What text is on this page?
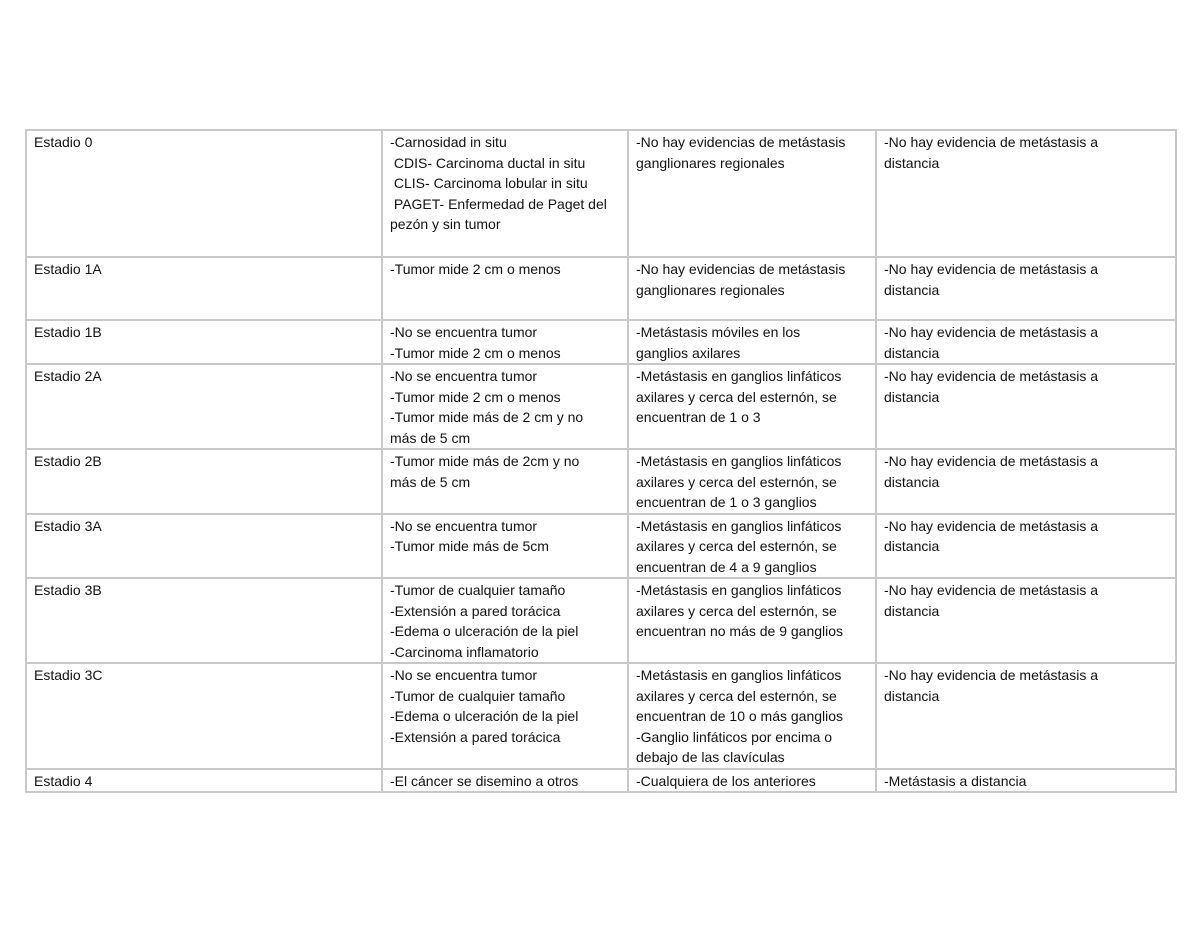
Estadio 0	-Carnosidad in situ
CDIS- Carcinoma ductal in situ
CLIS- Carcinoma lobular in situ
PAGET- Enfermedad de Paget del
pezón y sin tumor	-No hay evidencias de metástasis
ganglionares regionales	-No hay evidencia de metástasis a
distancia

Estadio 1A	-Tumor mide 2 cm o menos	-No hay evidencias de metástasis
ganglionares regionales	-No hay evidencia de metástasis a
distancia

Estadio 1B	-No se encuentra tumor
-Tumor mide 2 cm o menos	-Metástasis móviles en los
ganglios axilares	-No hay evidencia de metástasis a
distancia

Estadio 2A	-No se encuentra tumor
-Tumor mide 2 cm o menos
-Tumor mide más de 2 cm y no
más de 5 cm	-Metástasis en ganglios linfáticos
axilares y cerca del esternón, se
encuentran de 1 o 3	-No hay evidencia de metástasis a
distancia

Estadio 2B	-Tumor mide más de 2cm y no
más de 5 cm	-Metástasis en ganglios linfáticos
axilares y cerca del esternón, se
encuentran de 1 o 3 ganglios	-No hay evidencia de metástasis a
distancia

Estadio 3A	-No se encuentra tumor
-Tumor mide más de 5cm	-Metástasis en ganglios linfáticos
axilares y cerca del esternón, se
encuentran de 4 a 9 ganglios	-No hay evidencia de metástasis a
distancia

Estadio 3B	-Tumor de cualquier tamaño
-Extensión a pared torácica
-Edema o ulceración de la piel
-Carcinoma inflamatorio	-Metástasis en ganglios linfáticos
axilares y cerca del esternón, se
encuentran no más de 9 ganglios	-No hay evidencia de metástasis a
distancia

Estadio 3C	-No se encuentra tumor
-Tumor de cualquier tamaño
-Edema o ulceración de la piel
-Extensión a pared torácica	-Metástasis en ganglios linfáticos
axilares y cerca del esternón, se
encuentran de 10 o más ganglios
-Ganglio linfáticos por encima o
debajo de las clavículas	-No hay evidencia de metástasis a
distancia

Estadio 4	-El cáncer se disemino a otros	-Cualquiera de los anteriores	-Metástasis a distancia
